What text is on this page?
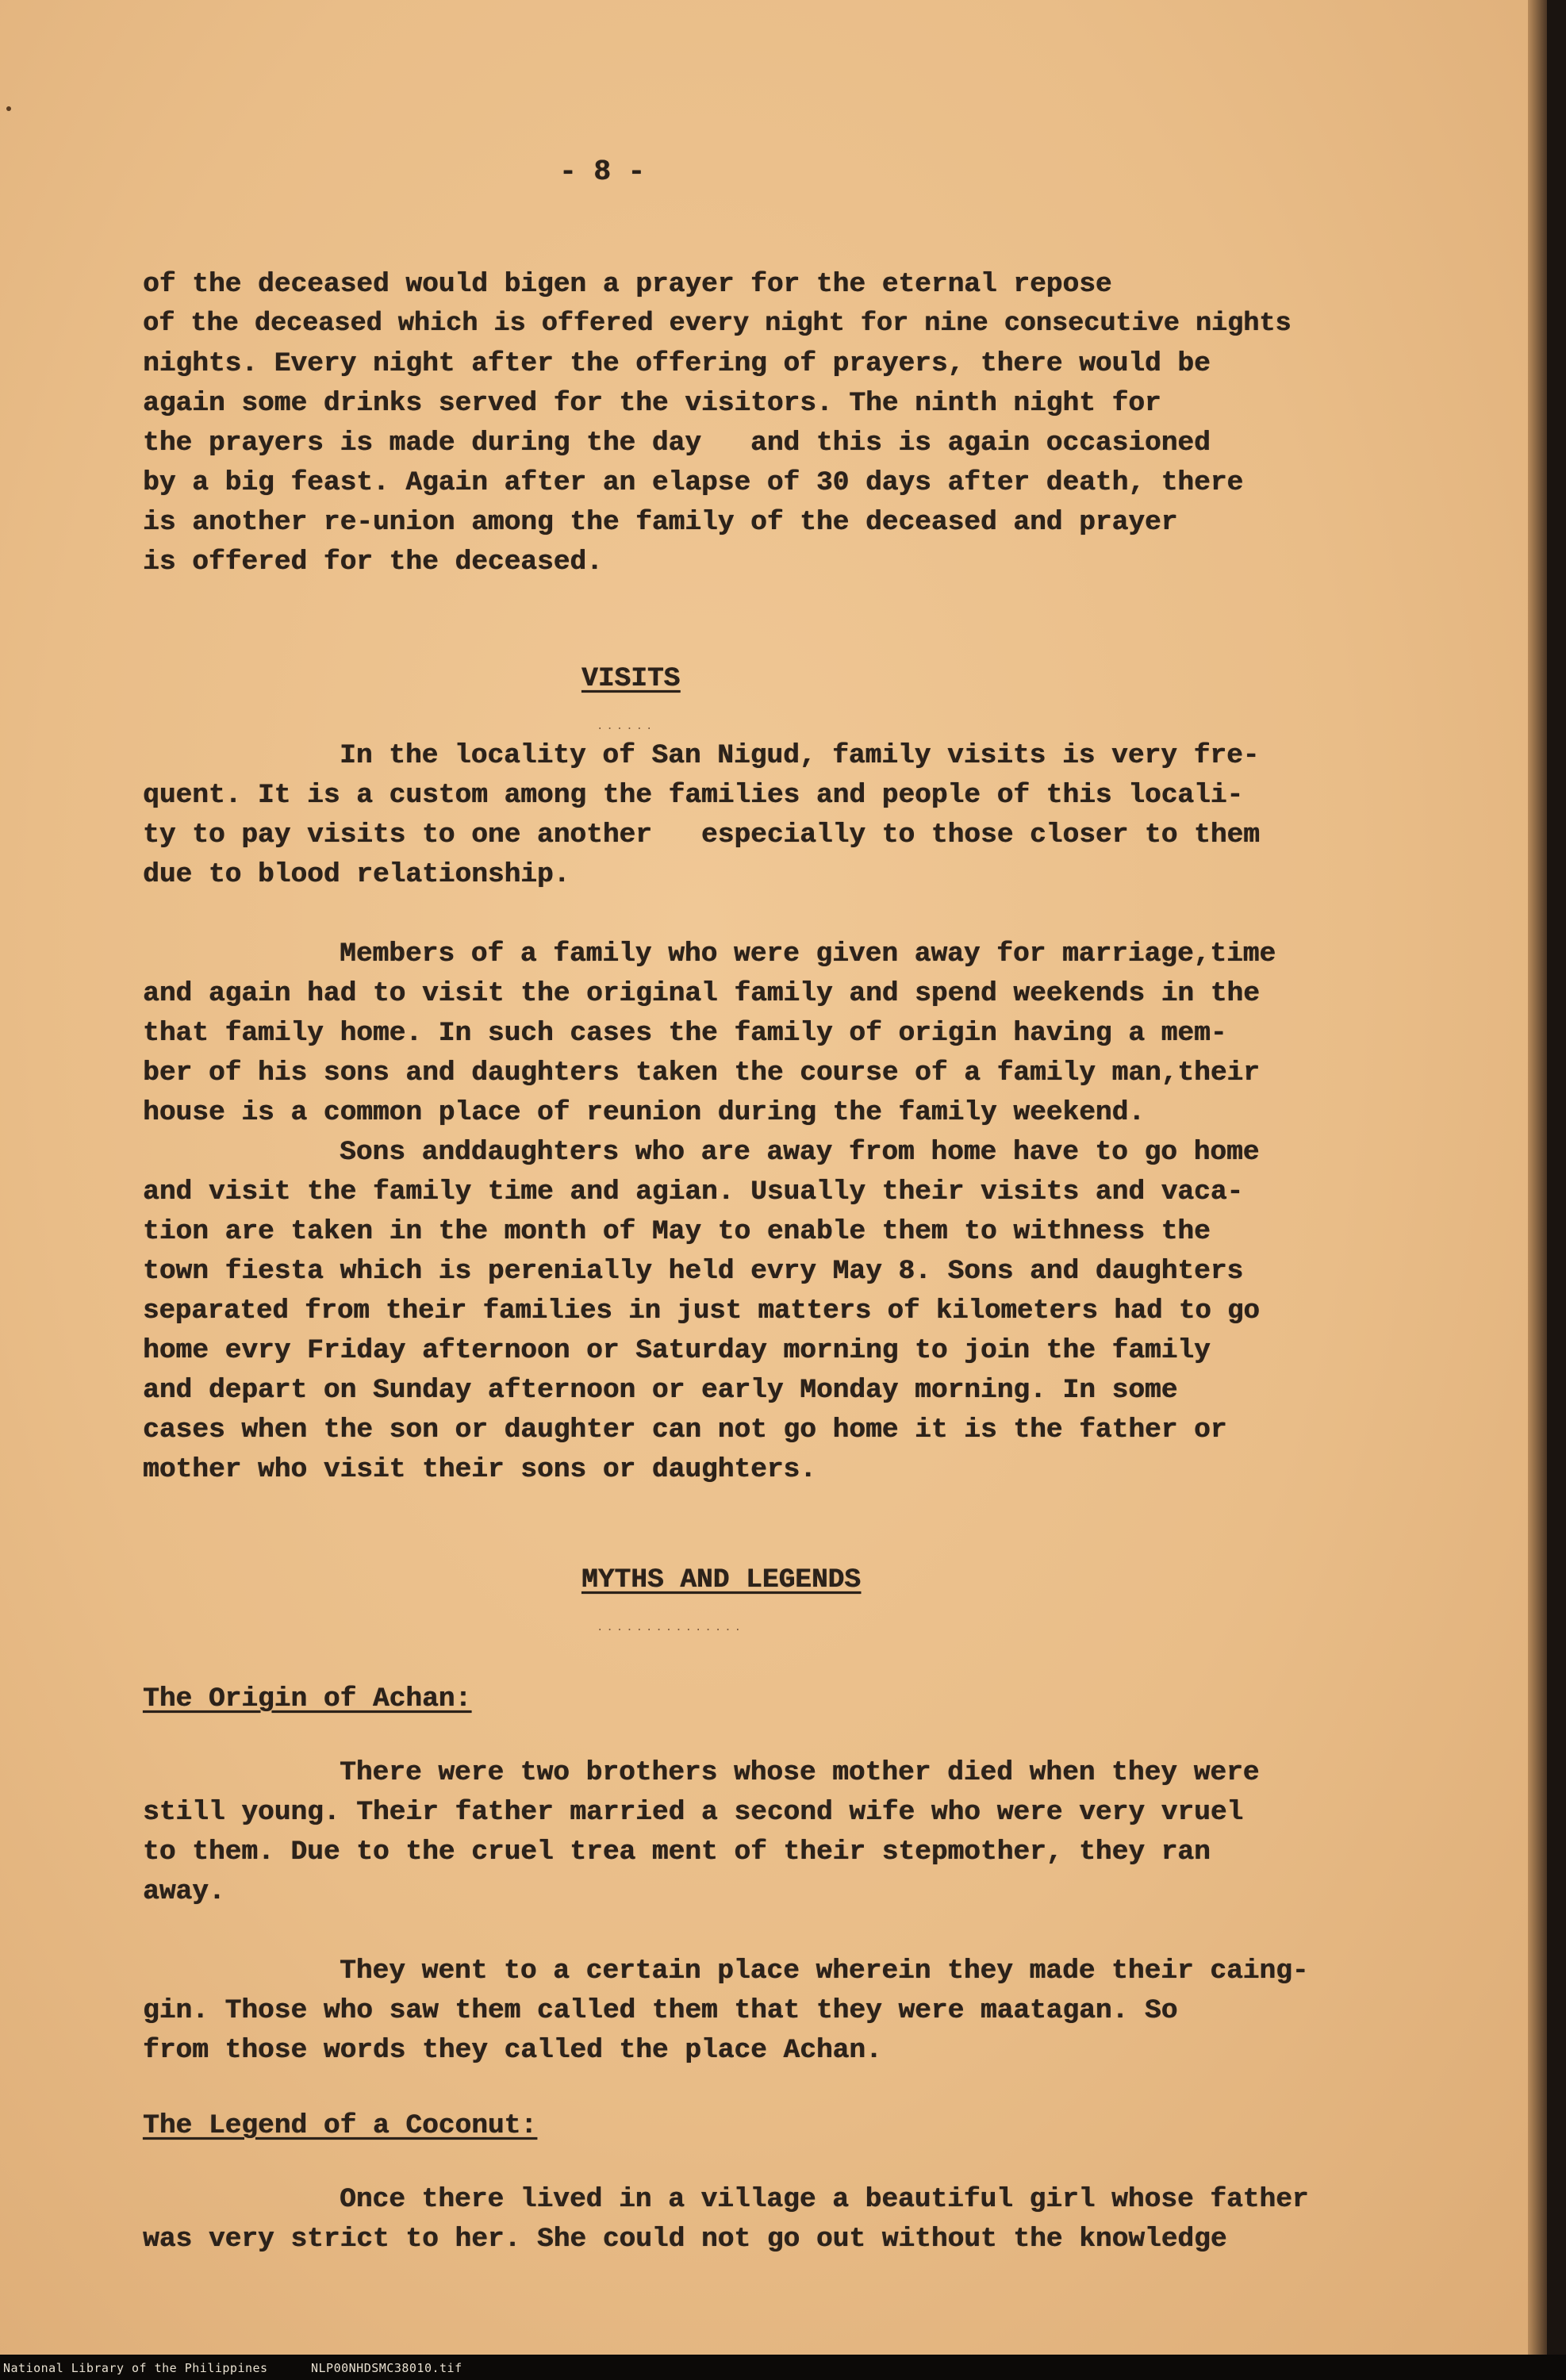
- 8 -
of the deceased would bigen a prayer for the eternal repose
of the deceased which is offered every night for nine consecutive nights
nights. Every night after the offering of prayers, there would be
again some drinks served for the visitors. The ninth night for
the prayers is made during the day   and this is again occasioned
by a big feast. Again after an elapse of 30 days after death, there
is another re-union among the family of the deceased and prayer
is offered for the deceased.
VISITS
......
In the locality of San Nigud, family visits is very fre-
quent. It is a custom among the families and people of this locali-
ty to pay visits to one another   especially to those closer to them
due to blood relationship.
Members of a family who were given away for marriage,time
and again had to visit the original family and spend weekends in the
that family home. In such cases the family of origin having a mem-
ber of his sons and daughters taken the course of a family man,their
house is a common place of reunion during the family weekend.
Sons anddaughters who are away from home have to go home
and visit the family time and agian. Usually their visits and vaca-
tion are taken in the month of May to enable them to withness the
town fiesta which is perenially held evry May 8. Sons and daughters
separated from their families in just matters of kilometers had to go
home evry Friday afternoon or Saturday morning to join the family
and depart on Sunday afternoon or early Monday morning. In some
cases when the son or daughter can not go home it is the father or
mother who visit their sons or daughters.
MYTHS AND LEGENDS
...............
The Origin of Achan:
There were two brothers whose mother died when they were
still young. Their father married a second wife who were very vruel
to them. Due to the cruel trea ment of their stepmother, they ran
away.
They went to a certain place wherein they made their caing-
gin. Those who saw them called them that they were maatagan. So
from those words they called the place Achan.
The Legend of a Coconut:
Once there lived in a village a beautiful girl whose father
was very strict to her. She could not go out without the knowledge
National Library of the Philippines	NLP00NHDSMC38010.tif
